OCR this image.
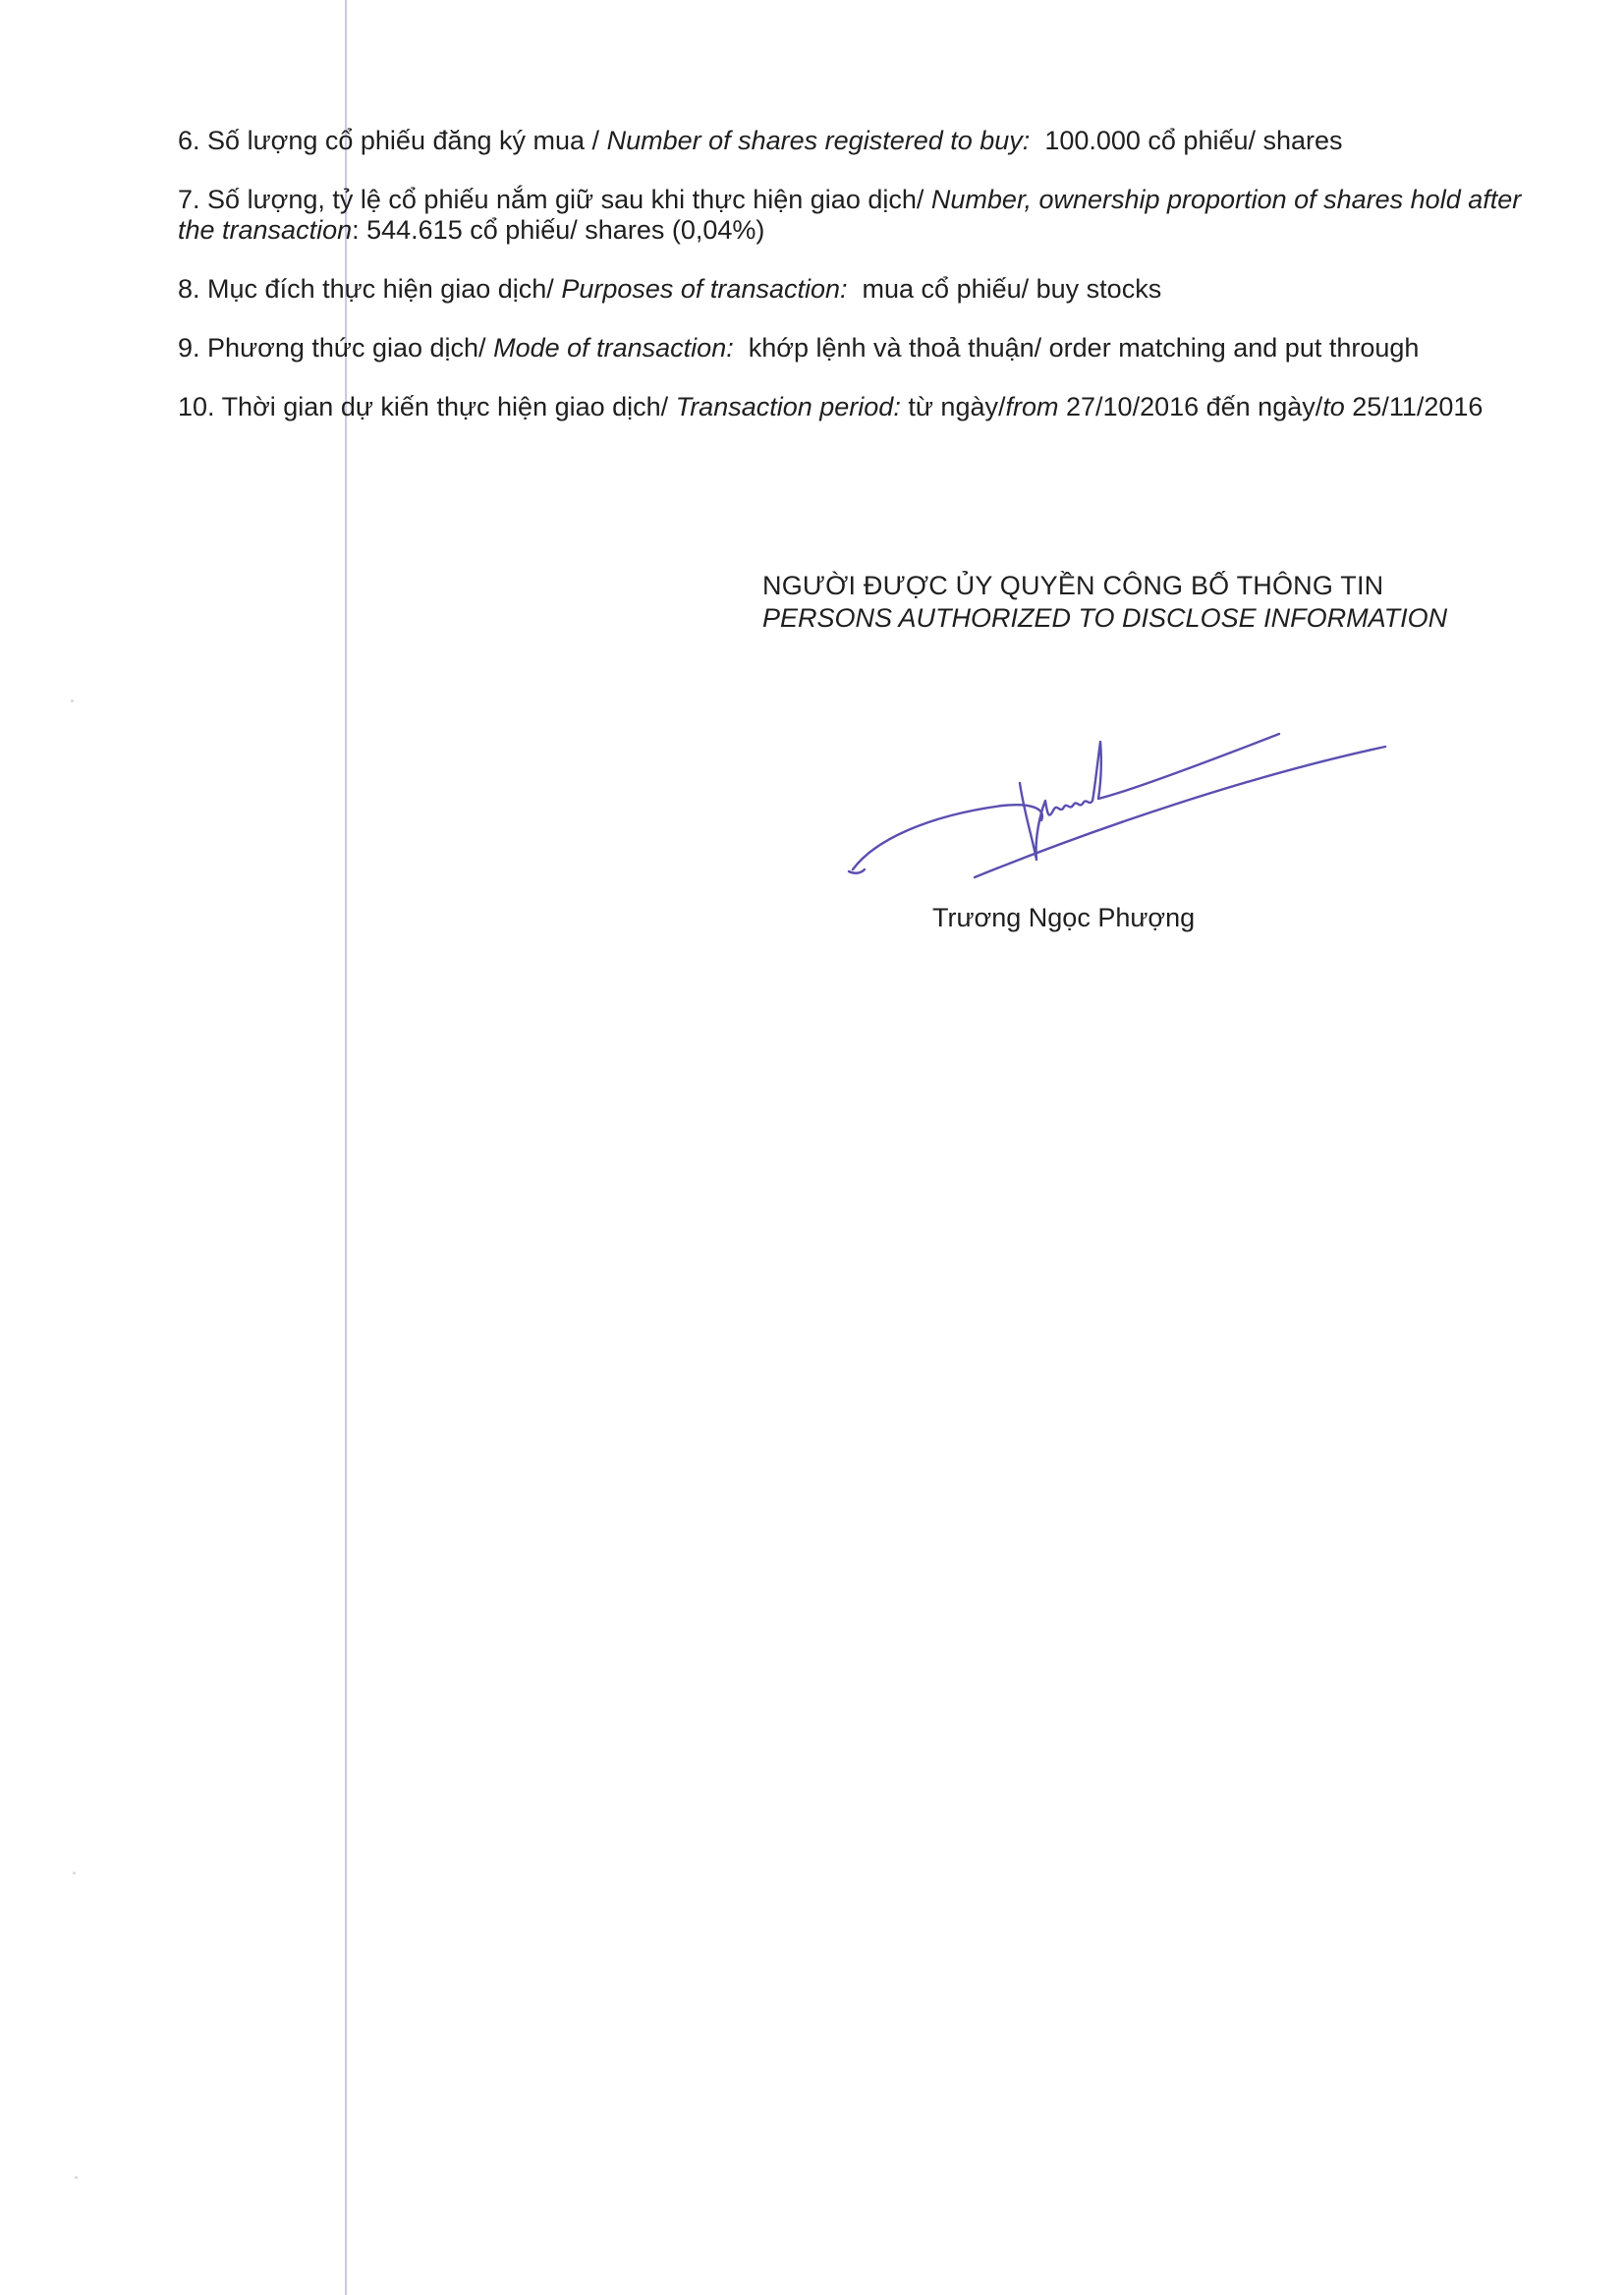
6. Số lượng cổ phiếu đăng ký mua / Number of shares registered to buy: 100.000 cổ phiếu/ shares
7. Số lượng, tỷ lệ cổ phiếu nắm giữ sau khi thực hiện giao dịch/ Number, ownership proportion of shares hold after the transaction: 544.615 cổ phiếu/ shares (0,04%)
8. Mục đích thực hiện giao dịch/ Purposes of transaction: mua cổ phiếu/ buy stocks
9. Phương thức giao dịch/ Mode of transaction: khớp lệnh và thoả thuận/ order matching and put through
10. Thời gian dự kiến thực hiện giao dịch/ Transaction period: từ ngày/from 27/10/2016 đến ngày/to 25/11/2016
NGƯỜI ĐƯỢC ỦY QUYỀN CÔNG BỐ THÔNG TIN
PERSONS AUTHORIZED TO DISCLOSE INFORMATION
Trương Ngọc Phượng
